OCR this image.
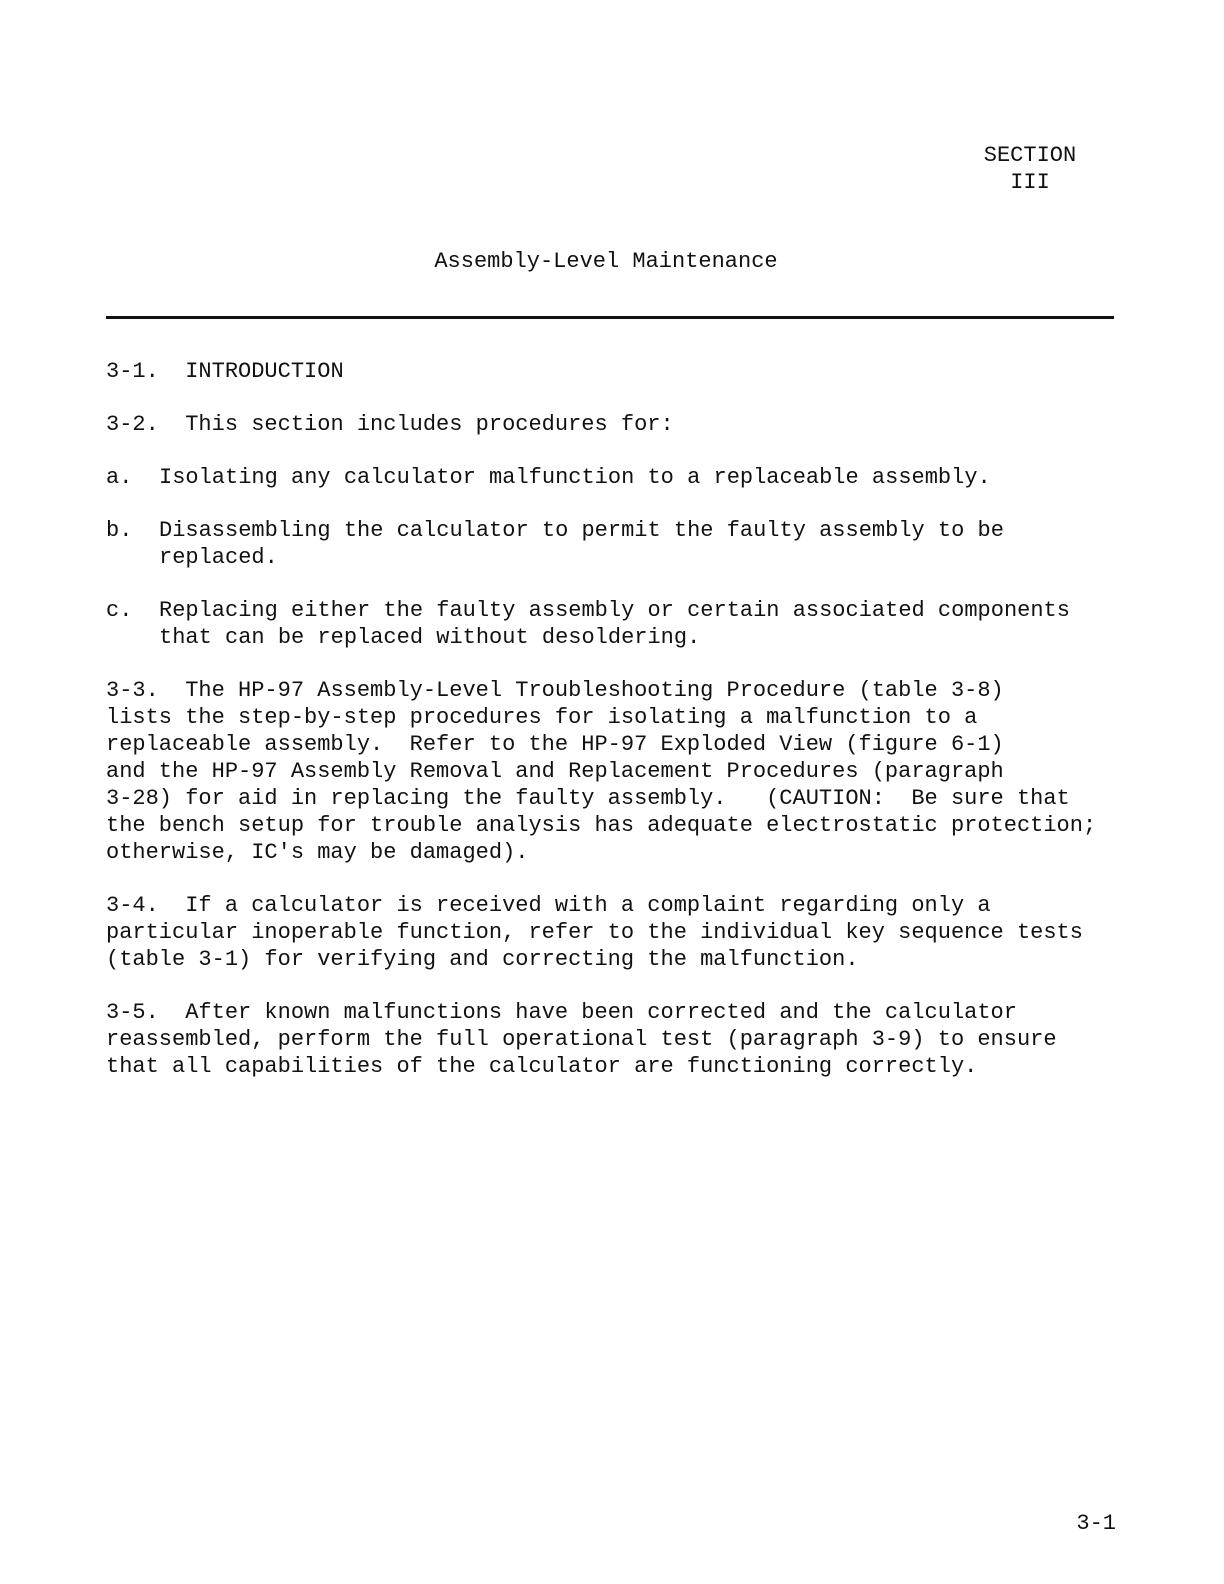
SECTION
III
Assembly-Level Maintenance
3-1. INTRODUCTION
3-2. This section includes procedures for:
a. Isolating any calculator malfunction to a replaceable assembly.
b. Disassembling the calculator to permit the faulty assembly to be
replaced.
c. Replacing either the faulty assembly or certain associated components
that can be replaced without desoldering.
3-3. The HP-97 Assembly-Level Troubleshooting Procedure (table 3-8)
lists the step-by-step procedures for isolating a malfunction to a
replaceable assembly.  Refer to the HP-97 Exploded View (figure 6-1)
and the HP-97 Assembly Removal and Replacement Procedures (paragraph
3-28) for aid in replacing the faulty assembly.   (CAUTION:  Be sure that
the bench setup for trouble analysis has adequate electrostatic protection;
otherwise, IC's may be damaged).
3-4. If a calculator is received with a complaint regarding only a
particular inoperable function, refer to the individual key sequence tests
(table 3-1) for verifying and correcting the malfunction.
3-5. After known malfunctions have been corrected and the calculator
reassembled, perform the full operational test (paragraph 3-9) to ensure
that all capabilities of the calculator are functioning correctly.
3-1
